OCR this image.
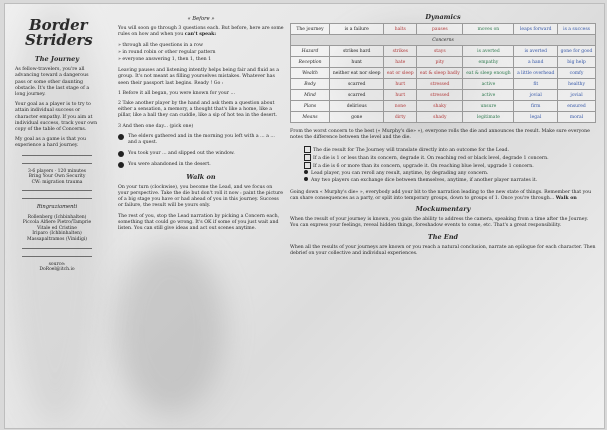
Border
Striders
The Journey

As fellow-travelers, you're all advancing toward a dangerous pass or some other daunting obstacle. It's the last stage of a long journey.

Your goal as a player is to try to attain individual success or character empathy. If you aim at individual success, track your own copy of the table of Concerns.

My goal as a game is that you experience a hard journey.

3-6 players · 120 minutes
Bring Your Own Security
CW: migration trauma
Ringraziamenti
Rollenberg (Ichbinhalten)
Piccola Alfiere Pietro/Tamprie
Vitale ed Cristine
Iriparo (Ichbinhalten)
Massapaltramos (Vinidigi)
source:
DoRoel@itch.io
« Before »

You will soon go through 3 questions each. But before, here are some rules on how and when you can't speak:

» through all the questions in a row
» in round robin or other regular pattern
» everyone answering 1, then 1, then 1

Leaving pauses and listening intently helps being fair and fluid as a group. It's not meant as filling yourselves mistakes. Whatever has seen their passport last begins. Ready ! Go :

1 Before it all began, you were known for your ...

2 Take another player by the hand and ask them a question about either a sensation, a memory, a thought that's like a home, like a pillar, like a ball they can cuddle, like a sip of hot tea in the desert.

3 And then one day... (pick one)

The elders gathered and in the morning you left with a ... a ... and a quest.
You took your ... and slipped out the window.
You were abandoned in the desert.
Walk on

On your turn (clockwise), you become the Lead, and we focus on your perspective. Take the die but don't roll it now : paint the picture of a big stage you have or had ahead of you in this journey. Success or failure, the result will be yours only.

The rest of you, stop the Lead narration by picking a Concern each, something that could go wrong. It's OK if some of you just wait and listen. You can still give ideas and act out scenes anytime.

Dynamics
The journey	is a failure	halts	pauses	moves on	leaps forward	is a success
Concerns						
Hazard	strikes hard	strikes	stays	is averted	is averted	gone for good
Reception	hunt	hate	pity	empathy	a hand	big help
Wealth	neither eat nor sleep	eat or sleep	eat & sleep badly	eat & sleep enough	a little overhead	comfy
Body	scarred	hurt	stressed	active	fit	healthy
Mind	scarred	hurt	stressed	active	jovial	jovial
Plans	delirious	none	shaky	unsure	firm	ensured
Means	gone	dirty	shady	legitimate	legal	moral

From the worst concern to the best (« Murphy's die» »), everyone rolls the die and announces the result. Make sure everyone notes the difference between the level and the die.

The die result for The Journey will translate directly into an outcome for the Lead.
If a die is 1 or less than its concern, degrade it. On reaching red or black level, degrade 1 concern.
If a die is 6 or more than its concern, upgrade it. On reaching blue level, upgrade 1 concern.
Lead player, you can reroll any result, anytime, by degrading any concern.
Any two players can exchange dice between themselves, anytime, if another player narrates it.

Going down « Murphy's die» », everybody add your bit to the narration leading to the new state of things. Remember that you can share consequences as a party, or split into temporary groups, down to groups of 1. Once you're through... Walk on

Mockumentary

When the result of your journey is known, you gain the ability to address the camera, speaking from a time after the Journey. You can express your feelings, reveal hidden things, foreshadow events to come, etc. That's a great responsibility.

The End

When all the results of your journeys are known or you reach a natural conclusion, narrate an epilogue for each character. Then debrief on your collective and individual experiences.
